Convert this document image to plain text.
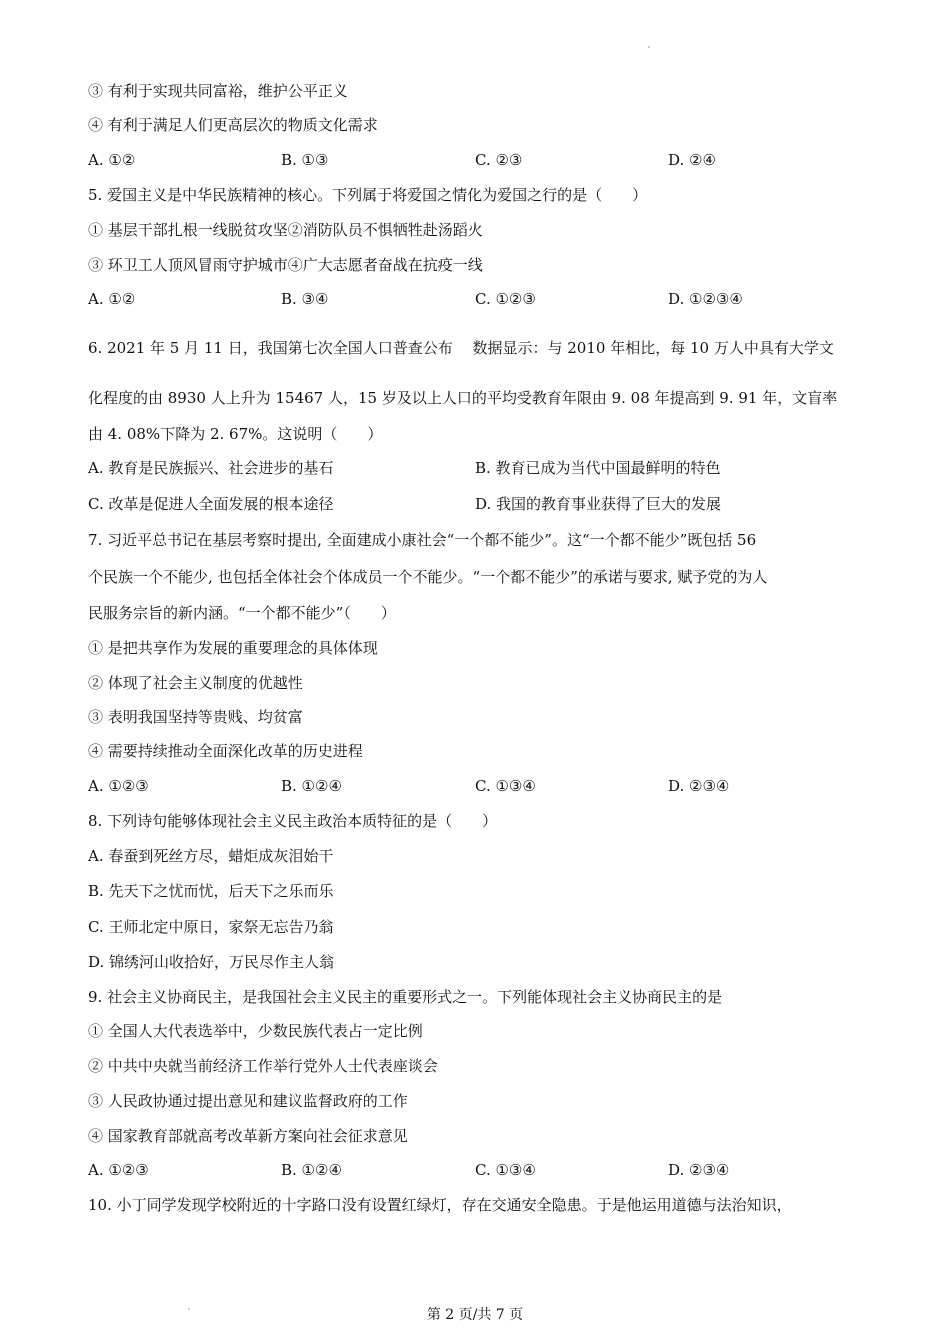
③ 有利于实现共同富裕，维护公平正义
④ 有利于满足人们更高层次的物质文化需求
A. ①②	B. ①③	C. ②③	D. ②④
5. 爱国主义是中华民族精神的核心。下列属于将爱国之情化为爱国之行的是（　　）
① 基层干部扎根一线脱贫攻坚②消防队员不惧牺牲赴汤蹈火
③ 环卫工人顶风冒雨守护城市④广大志愿者奋战在抗疫一线
A. ①②	B. ③④	C. ①②③	D. ①②③④
6. 2021 年 5 月 11 日，我国第七次全国人口普查公布　 数据显示：与 2010 年相比，每 10 万人中具有大学文
化程度的由 8930 人上升为 15467 人，15 岁及以上人口的平均受教育年限由 9. 08 年提高到 9. 91 年，文盲率
由 4. 08%下降为 2. 67%。这说明（　　）
A. 教育是民族振兴、社会进步的基石	B. 教育已成为当代中国最鲜明的特色
C. 改革是促进人全面发展的根本途径	D. 我国的教育事业获得了巨大的发展
7. 习近平总书记在基层考察时提出, 全面建成小康社会“一个都不能少”。这“一个都不能少”既包括 56
个民族一个不能少, 也包括全体社会个体成员一个不能少。“一个都不能少”的承诺与要求, 赋予党的为人
民服务宗旨的新内涵。“一个都不能少”（　　）
① 是把共享作为发展的重要理念的具体体现
② 体现了社会主义制度的优越性
③ 表明我国坚持等贵贱、均贫富
④ 需要持续推动全面深化改革的历史进程
A. ①②③	B. ①②④	C. ①③④	D. ②③④
8. 下列诗句能够体现社会主义民主政治本质特征的是（　　）
A. 春蚕到死丝方尽，蜡炬成灰泪始干
B. 先天下之忧而忧，后天下之乐而乐
C. 王师北定中原日，家祭无忘告乃翁
D. 锦绣河山收拾好，万民尽作主人翁
9. 社会主义协商民主，是我国社会主义民主的重要形式之一。下列能体现社会主义协商民主的是
① 全国人大代表选举中，少数民族代表占一定比例
② 中共中央就当前经济工作举行党外人士代表座谈会
③ 人民政协通过提出意见和建议监督政府的工作
④ 国家教育部就高考改革新方案向社会征求意见
A. ①②③	B. ①②④	C. ①③④	D. ②③④
10. 小丁同学发现学校附近的十字路口没有设置红绿灯，存在交通安全隐患。于是他运用道德与法治知识，
第 2 页/共 7 页
